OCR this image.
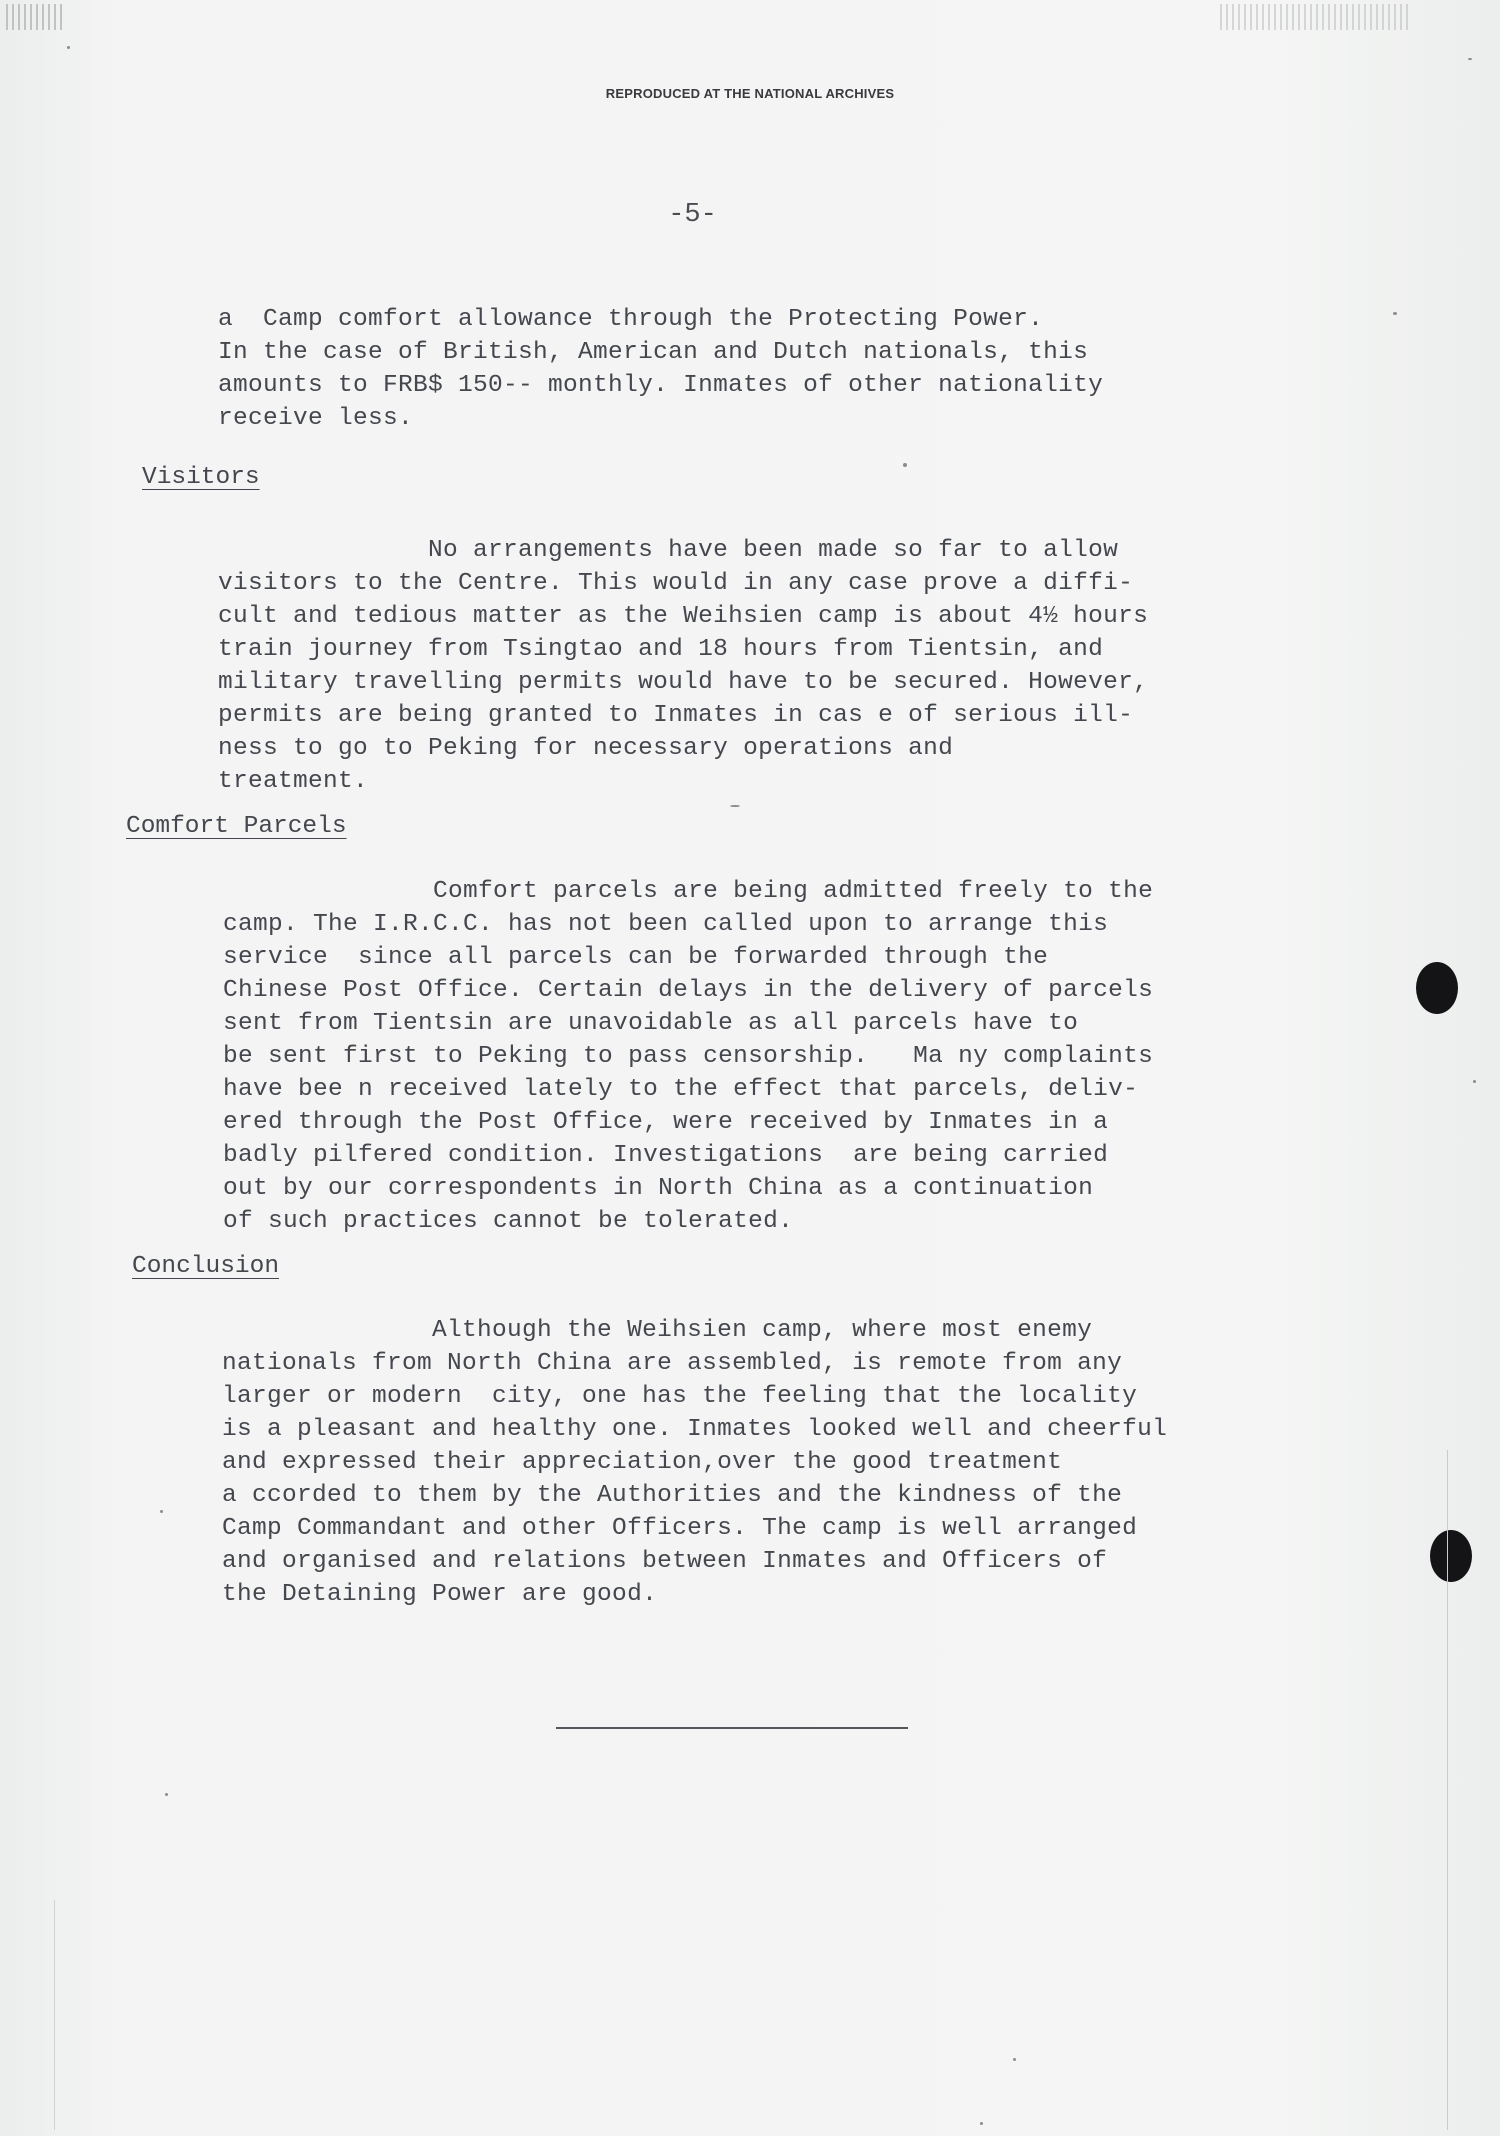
REPRODUCED AT THE NATIONAL ARCHIVES
-5-
a  Camp comfort allowance through the Protecting Power.
In the case of British, American and Dutch nationals, this
amounts to FRB$ 150-- monthly. Inmates of other nationality
receive less.
Visitors
No arrangements have been made so far to allow
visitors to the Centre. This would in any case prove a diffi-
cult and tedious matter as the Weihsien camp is about 4½ hours
train journey from Tsingtao and 18 hours from Tientsin, and
military travelling permits would have to be secured. However,
permits are being granted to Inmates in cas e of serious ill-
ness to go to Peking for necessary operations and
treatment.
Comfort Parcels
Comfort parcels are being admitted freely to the
camp. The I.R.C.C. has not been called upon to arrange this
service  since all parcels can be forwarded through the
Chinese Post Office. Certain delays in the delivery of parcels
sent from Tientsin are unavoidable as all parcels have to
be sent first to Peking to pass censorship.   Ma ny complaints
have bee n received lately to the effect that parcels, deliv-
ered through the Post Office, were received by Inmates in a
badly pilfered condition. Investigations  are being carried
out by our correspondents in North China as a continuation
of such practices cannot be tolerated.
Conclusion
Although the Weihsien camp, where most enemy
nationals from North China are assembled, is remote from any
larger or modern  city, one has the feeling that the locality
is a pleasant and healthy one. Inmates looked well and cheerful
and expressed their appreciation,over the good treatment
a ccorded to them by the Authorities and the kindness of the
Camp Commandant and other Officers. The camp is well arranged
and organised and relations between Inmates and Officers of
the Detaining Power are good.
